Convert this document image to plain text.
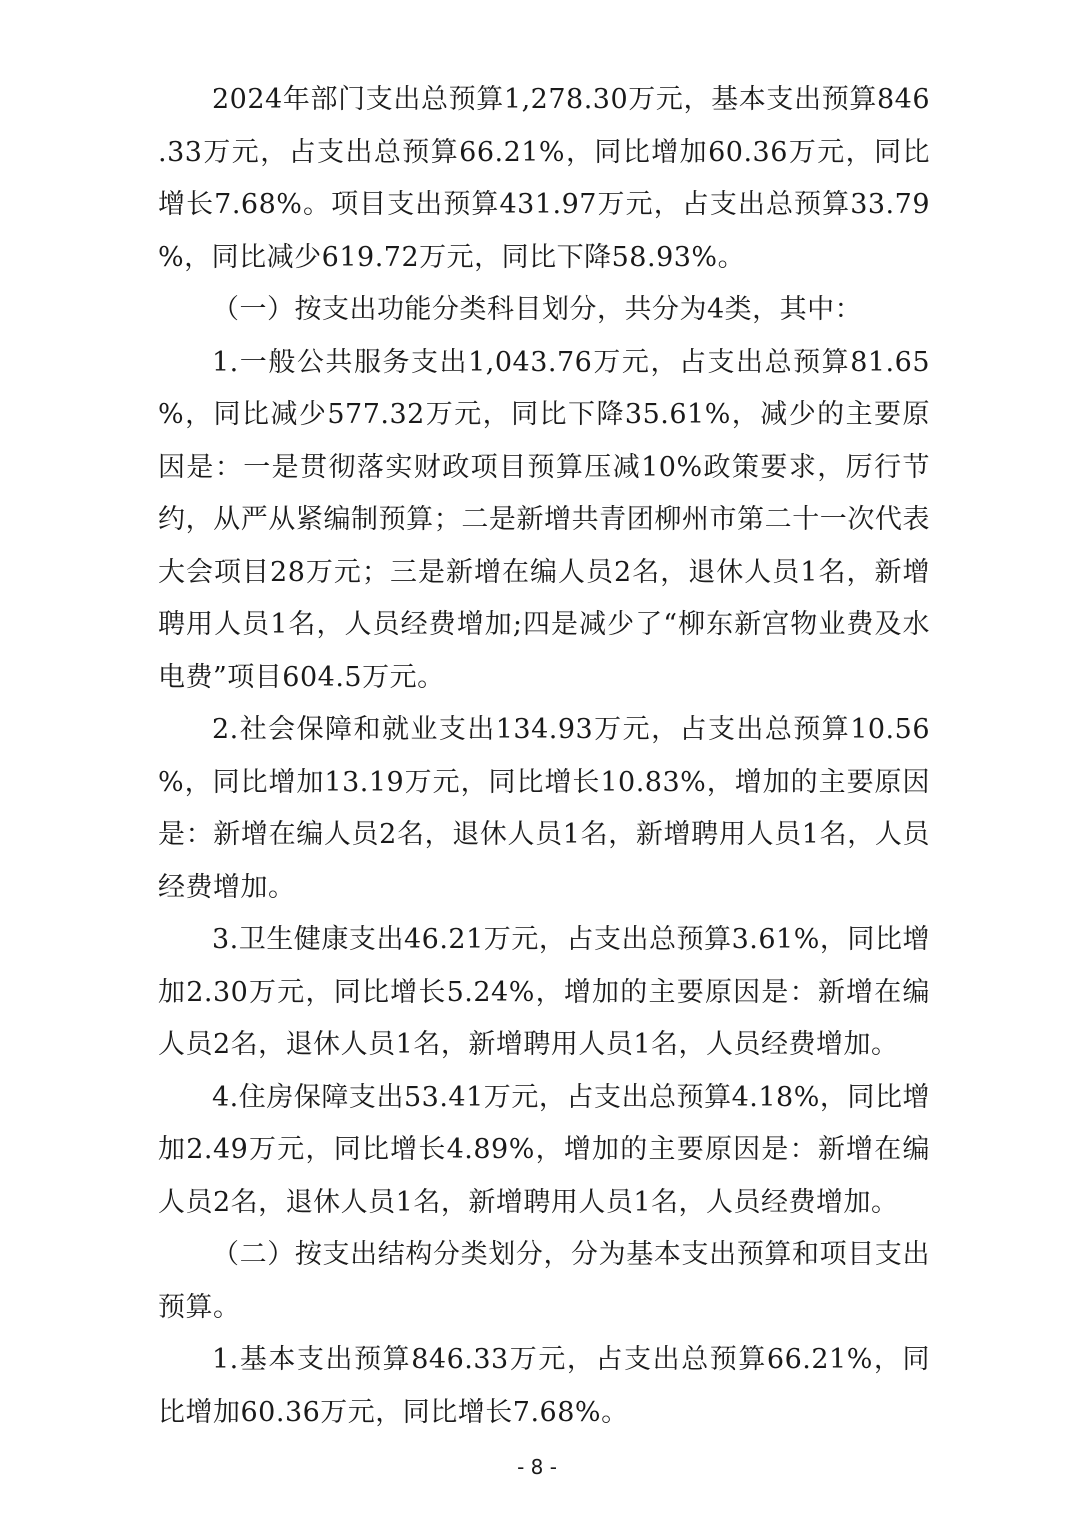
2024年部门支出总预算1,278.30万元，基本支出预算846.33万元，占支出总预算66.21%，同比增加60.36万元，同比增长7.68%。项目支出预算431.97万元，占支出总预算33.79%，同比减少619.72万元，同比下降58.93%。

（一）按支出功能分类科目划分，共分为4类，其中：

1.一般公共服务支出1,043.76万元，占支出总预算81.65%，同比减少577.32万元，同比下降35.61%，减少的主要原因是：一是贯彻落实财政项目预算压减10%政策要求，厉行节约，从严从紧编制预算；二是新增共青团柳州市第二十一次代表大会项目28万元；三是新增在编人员2名，退休人员1名，新增聘用人员1名，人员经费增加;四是减少了“柳东新宫物业费及水电费”项目604.5万元。

2.社会保障和就业支出134.93万元，占支出总预算10.56%，同比增加13.19万元，同比增长10.83%，增加的主要原因是：新增在编人员2名，退休人员1名，新增聘用人员1名，人员经费增加。

3.卫生健康支出46.21万元，占支出总预算3.61%，同比增加2.30万元，同比增长5.24%，增加的主要原因是：新增在编人员2名，退休人员1名，新增聘用人员1名，人员经费增加。

4.住房保障支出53.41万元，占支出总预算4.18%，同比增加2.49万元，同比增长4.89%，增加的主要原因是：新增在编人员2名，退休人员1名，新增聘用人员1名，人员经费增加。

（二）按支出结构分类划分，分为基本支出预算和项目支出预算。

1.基本支出预算846.33万元，占支出总预算66.21%，同比增加60.36万元，同比增长7.68%。

- 8 -
